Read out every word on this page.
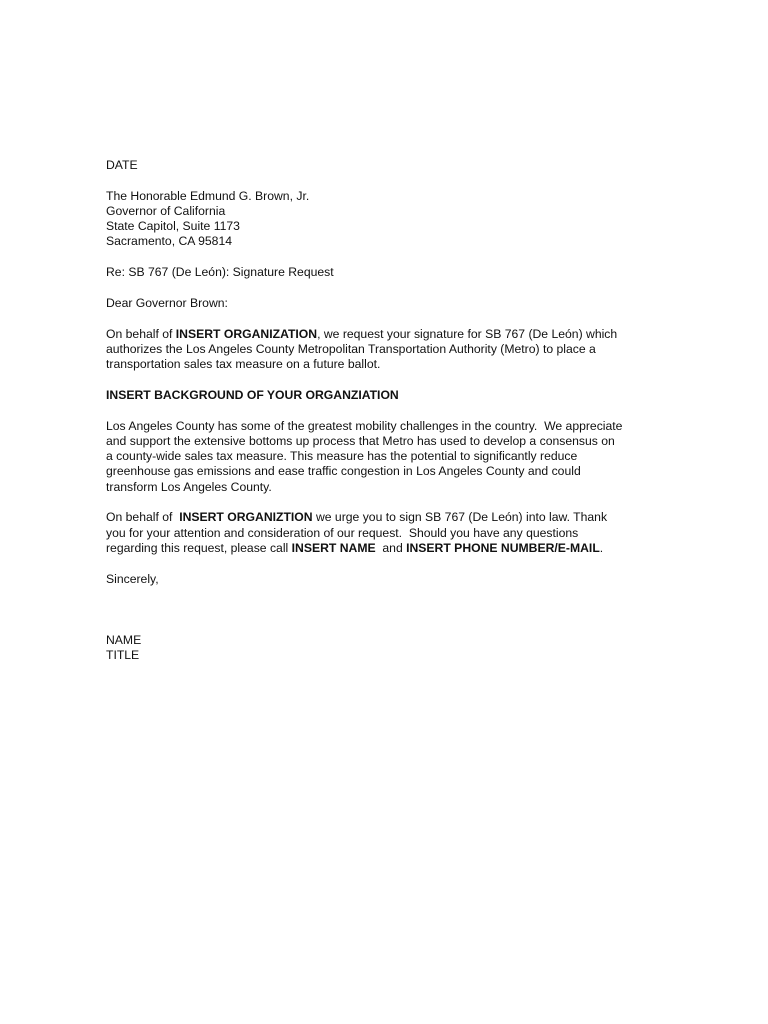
DATE

The Honorable Edmund G. Brown, Jr.
Governor of California
State Capitol, Suite 1173
Sacramento, CA 95814

Re: SB 767 (De León): Signature Request

Dear Governor Brown:

On behalf of INSERT ORGANIZATION, we request your signature for SB 767 (De León) which
authorizes the Los Angeles County Metropolitan Transportation Authority (Metro) to place a
transportation sales tax measure on a future ballot.

INSERT BACKGROUND OF YOUR ORGANZIATION

Los Angeles County has some of the greatest mobility challenges in the country.  We appreciate
and support the extensive bottoms up process that Metro has used to develop a consensus on
a county-wide sales tax measure. This measure has the potential to significantly reduce
greenhouse gas emissions and ease traffic congestion in Los Angeles County and could
transform Los Angeles County.
On behalf of  INSERT ORGANIZTION we urge you to sign SB 767 (De León) into law. Thank
you for your attention and consideration of our request.  Should you have any questions
regarding this request, please call INSERT NAME  and INSERT PHONE NUMBER/E-MAIL.

Sincerely,

NAME
TITLE
